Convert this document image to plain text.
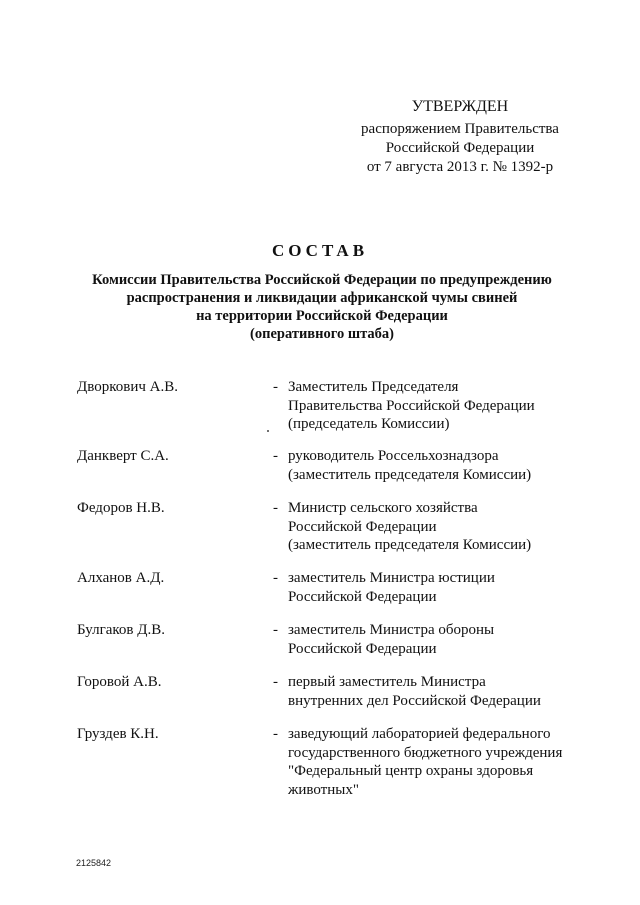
УТВЕРЖДЕН
распоряжением Правительства
Российской Федерации
от 7 августа 2013 г. № 1392-р
СОСТАВ
Комиссии Правительства Российской Федерации по предупреждению
распространения и ликвидации африканской чумы свиней
на территории Российской Федерации
(оперативного штаба)
Дворкович А.В.	- Заместитель Председателя
Правительства Российской Федерации
(председатель Комиссии)
Данкверт С.А.	- руководитель Россельхознадзора
(заместитель председателя Комиссии)
Федоров Н.В.	- Министр сельского хозяйства
Российской Федерации
(заместитель председателя Комиссии)
Алханов А.Д.	- заместитель Министра юстиции
Российской Федерации
Булгаков Д.В.	- заместитель Министра обороны
Российской Федерации
Горовой А.В.	- первый заместитель Министра
внутренних дел Российской Федерации
Груздев К.Н.	- заведующий лабораторией федерального
государственного бюджетного учреждения
"Федеральный центр охраны здоровья
животных"
2125842
